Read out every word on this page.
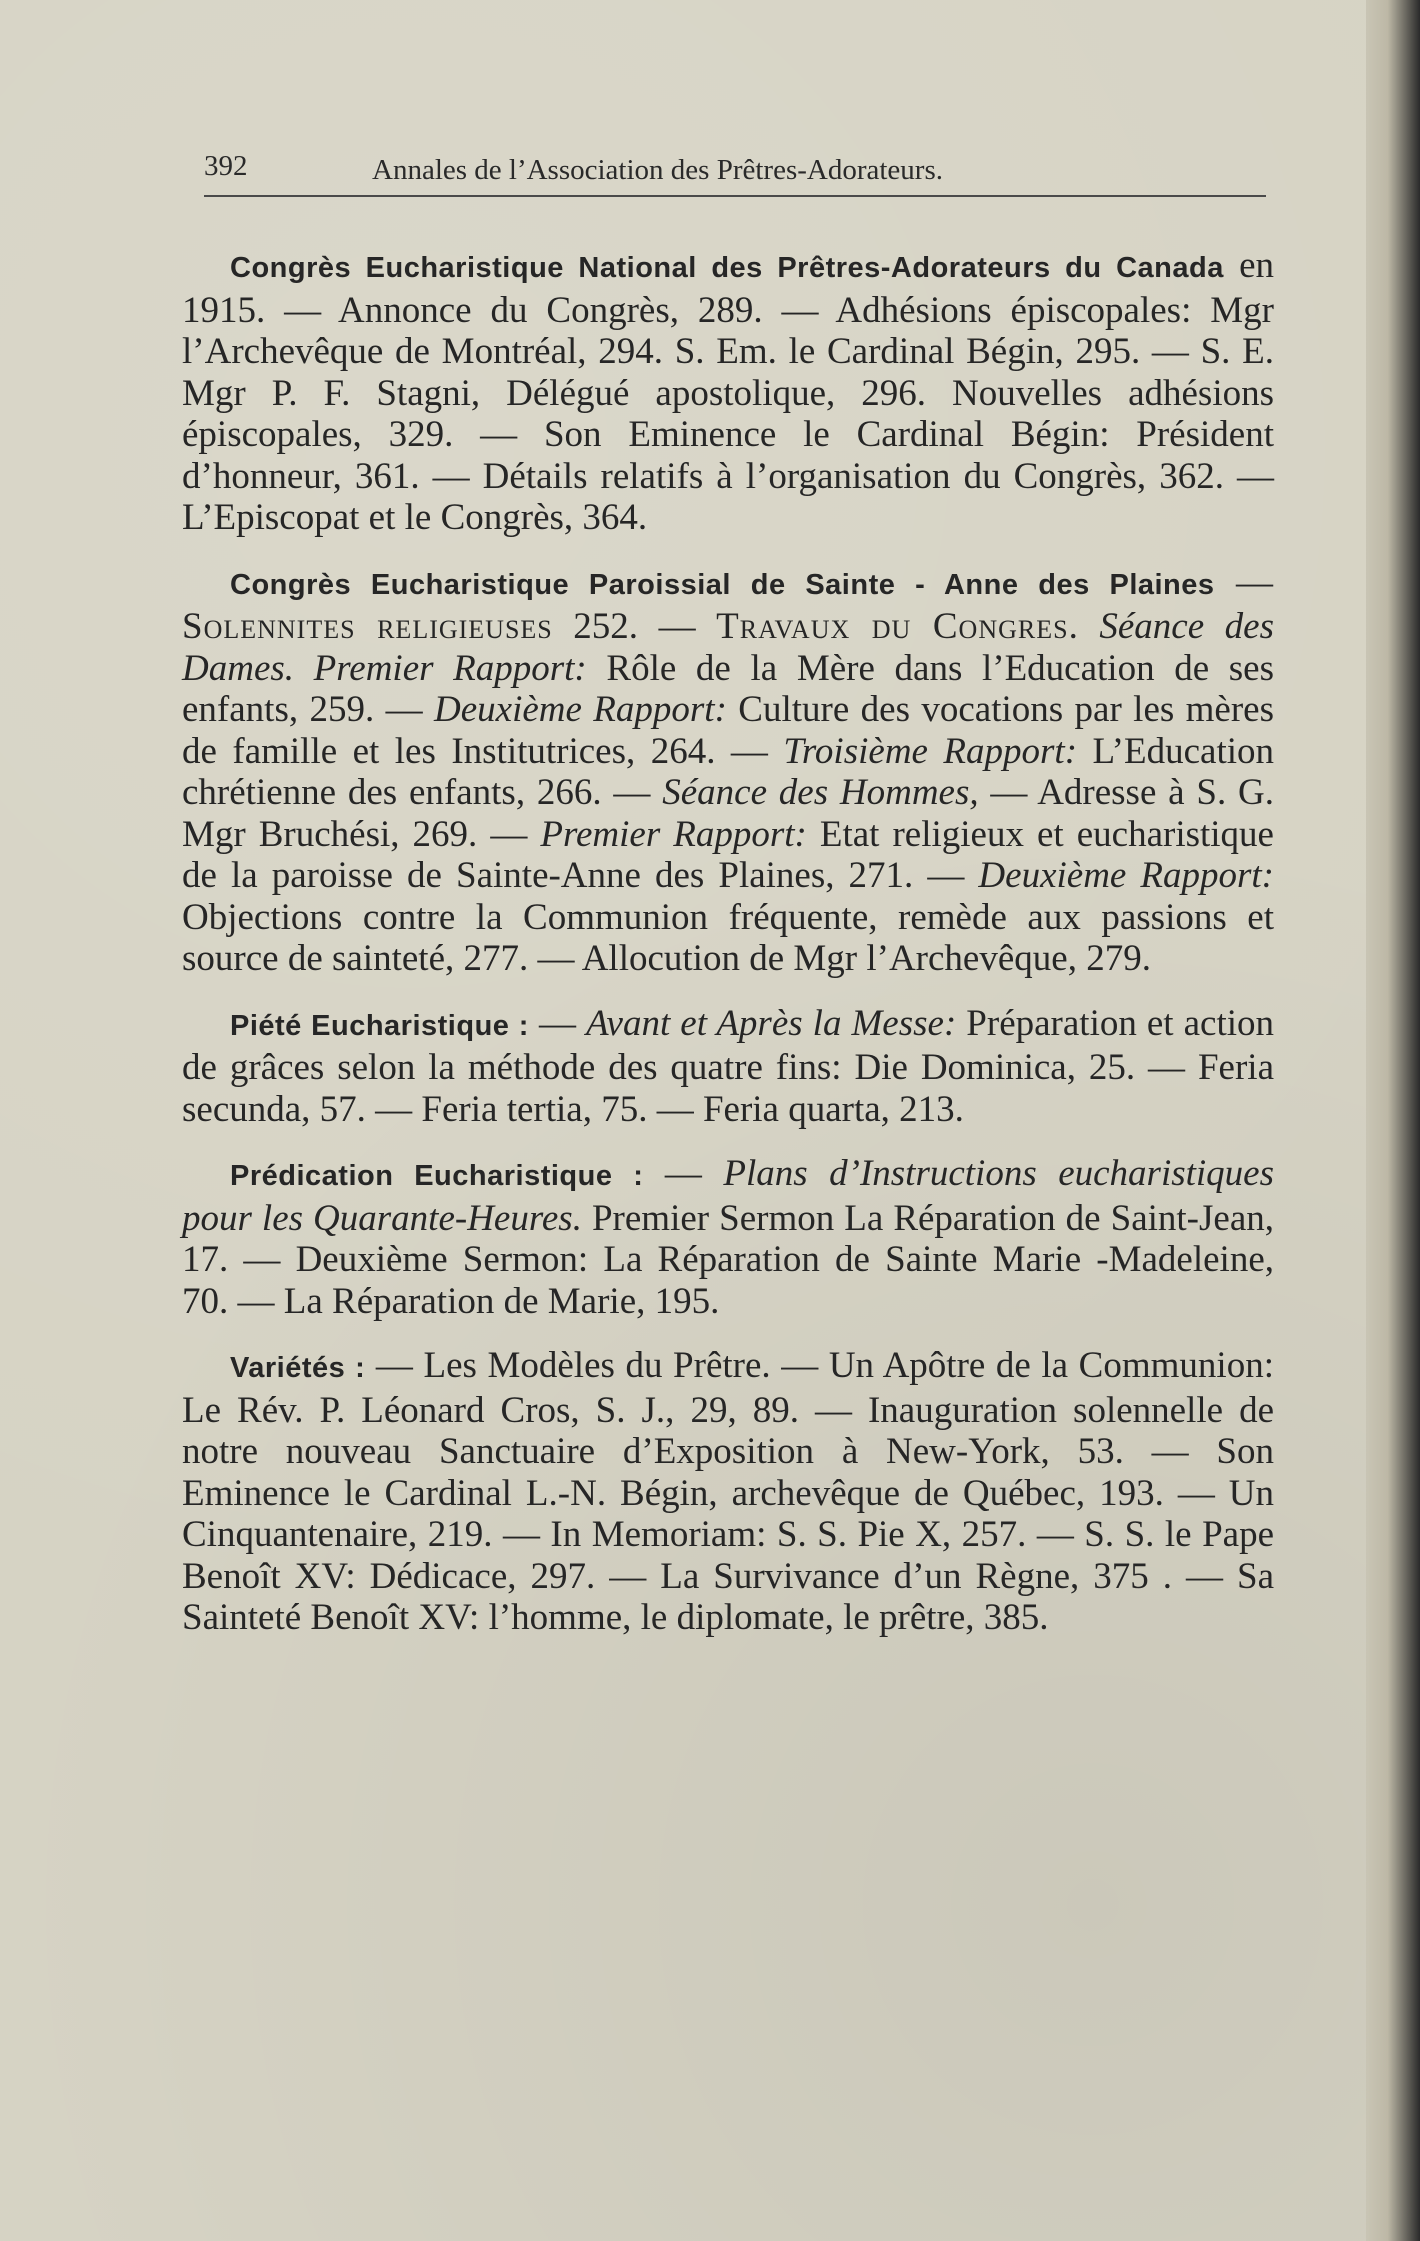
392	Annales de l’Association des Prêtres-Adorateurs.

Congrès Eucharistique National des Prêtres-Adorateurs du Canada en 1915. — Annonce du Congrès, 289. — Adhésions épiscopales: Mgr l’Archevêque de Montréal, 294. S. Em. le Cardinal Bégin, 295. — S. E. Mgr P. F. Stagni, Délégué apostolique, 296. Nouvelles adhésions épiscopales, 329. — Son Eminence le Cardinal Bégin: Président d’honneur, 361. — Détails relatifs à l’organisation du Congrès, 362. — L’Episcopat et le Congrès, 364.

Congrès Eucharistique Paroissial de Sainte - Anne des Plaines — Solennites religieuses 252. — Travaux du Congres. Séance des Dames. Premier Rapport: Rôle de la Mère dans l’Education de ses enfants, 259. — Deuxième Rapport: Culture des vocations par les mères de famille et les Institutrices, 264. — Troisième Rapport: L’Education chrétienne des enfants, 266. — Séance des Hommes, — Adresse à S. G. Mgr Bruchési, 269. — Premier Rapport: Etat religieux et eucharistique de la paroisse de Sainte-Anne des Plaines, 271. — Deuxième Rapport: Objections contre la Communion fréquente, remède aux passions et source de sainteté, 277. — Allocution de Mgr l’Archevêque, 279.

Piété Eucharistique : — Avant et Après la Messe: Préparation et action de grâces selon la méthode des quatre fins: Die Dominica, 25. — Feria secunda, 57. — Feria tertia, 75. — Feria quarta, 213.

Prédication Eucharistique : — Plans d’Instructions eucharistiques pour les Quarante-Heures. Premier Sermon La Réparation de Saint-Jean, 17. — Deuxième Sermon: La Réparation de Sainte Marie -Madeleine, 70. — La Réparation de Marie, 195.

Variétés : — Les Modèles du Prêtre. — Un Apôtre de la Communion: Le Rév. P. Léonard Cros, S. J., 29, 89. — Inauguration solennelle de notre nouveau Sanctuaire d’Exposition à New-York, 53. — Son Eminence le Cardinal L.-N. Bégin, archevêque de Québec, 193. — Un Cinquantenaire, 219. — In Memoriam: S. S. Pie X, 257. — S. S. le Pape Benoît XV: Dédicace, 297. — La Survivance d’un Règne, 375 . — Sa Sainteté Benoît XV: l’homme, le diplomate, le prêtre, 385.
